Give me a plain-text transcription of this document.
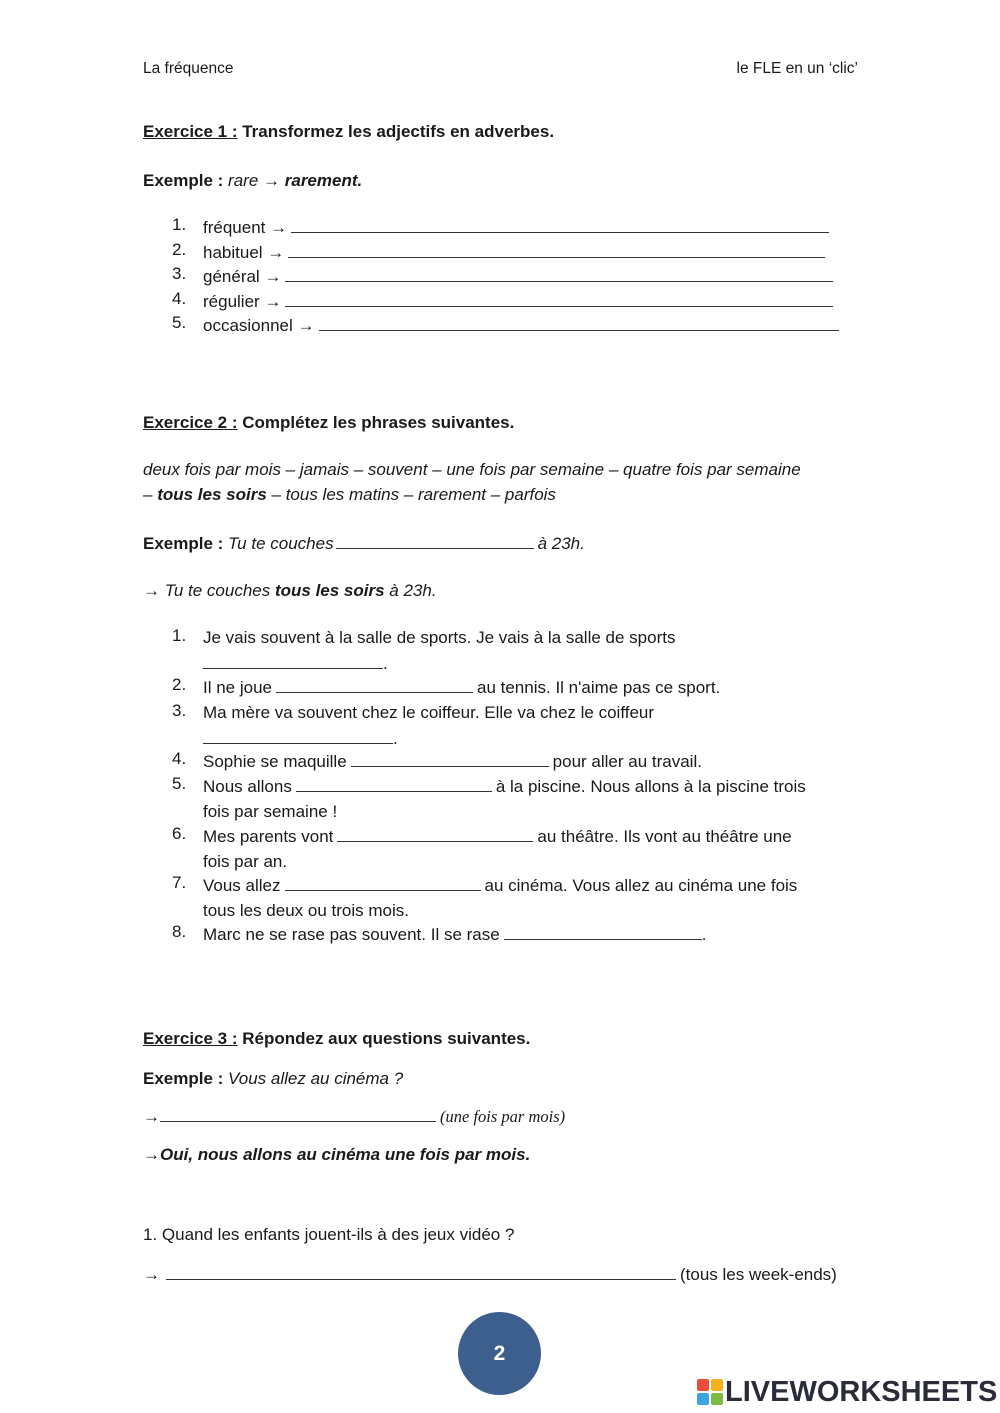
La fréquence	le FLE en un ‘clic’
Exercice 1 : Transformez les adjectifs en adverbes.
Exemple : rare → rarement.
1. fréquent →
2. habituel →
3. général →
4. régulier →
5. occasionnel →
Exercice 2 : Complétez les phrases suivantes.
deux fois par mois – jamais – souvent – une fois par semaine – quatre fois par semaine
– tous les soirs – tous les matins – rarement – parfois
Exemple : Tu te couches	à 23h.
→ Tu te couches tous les soirs à 23h.
1. Je vais souvent à la salle de sports. Je vais à la salle de sports
.
2. Il ne joue	au tennis. Il n'aime pas ce sport.
3. Ma mère va souvent chez le coiffeur. Elle va chez le coiffeur
.
4. Sophie se maquille	pour aller au travail.
5. Nous allons	à la piscine. Nous allons à la piscine trois
fois par semaine !
6. Mes parents vont	au théâtre. Ils vont au théâtre une
fois par an.
7. Vous allez	au cinéma. Vous allez au cinéma une fois
tous les deux ou trois mois.
8. Marc ne se rase pas souvent. Il se rase	.
Exercice 3 : Répondez aux questions suivantes.
Exemple : Vous allez au cinéma ?
→	(une fois par mois)
→Oui, nous allons au cinéma une fois par mois.
1. Quand les enfants jouent-ils à des jeux vidéo ?
→	(tous les week-ends)
2
LIVEWORKSHEETS
